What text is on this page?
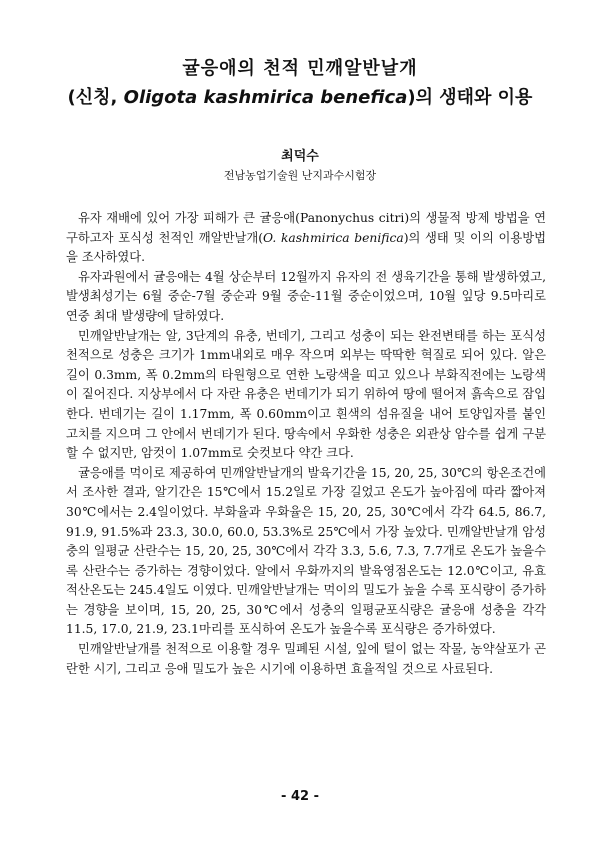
귤응애의 천적 민깨알반날개
(신칭, Oligota kashmirica benefica)의 생태와 이용
최덕수
전남농업기술원 난지과수시험장

유자 재배에 있어 가장 피해가 큰 귤응애(Panonychus citri)의 생물적 방제 방법을 연구하고자 포식성 천적인 깨알반날개(O. kashmirica benifica)의 생태 및 이의 이용방법을 조사하였다.

유자과원에서 귤응애는 4월 상순부터 12월까지 유자의 전 생육기간을 통해 발생하였고, 발생최성기는 6월 중순-7월 중순과 9월 중순-11월 중순이었으며, 10월 잎당 9.5마리로 연중 최대 발생량에 달하였다.

민깨알반날개는 알, 3단계의 유충, 번데기, 그리고 성충이 되는 완전변태를 하는 포식성 천적으로 성충은 크기가 1mm내외로 매우 작으며 외부는 딱딱한 혁질로 되어 있다. 알은 길이 0.3mm, 폭 0.2mm의 타원형으로 연한 노랑색을 띠고 있으나 부화직전에는 노랑색이 짙어진다. 지상부에서 다 자란 유충은 번데기가 되기 위하여 땅에 떨어져 흙속으로 잠입한다. 번데기는 길이 1.17mm, 폭 0.60mm이고 흰색의 섬유질을 내어 토양입자를 붙인 고치를 지으며 그 안에서 번데기가 된다. 땅속에서 우화한 성충은 외관상 암수를 쉽게 구분할 수 없지만, 암컷이 1.07mm로 숫컷보다 약간 크다.

귤응애를 먹이로 제공하여 민깨알반날개의 발육기간을 15, 20, 25, 30℃의 항온조건에서 조사한 결과, 알기간은 15℃에서 15.2일로 가장 길었고 온도가 높아짐에 따라 짧아져 30℃에서는 2.4일이었다. 부화율과 우화율은 15, 20, 25, 30℃에서 각각 64.5, 86.7, 91.9, 91.5%과 23.3, 30.0, 60.0, 53.3%로 25℃에서 가장 높았다. 민깨알반날개 암성충의 일평균 산란수는 15, 20, 25, 30℃에서 각각 3.3, 5.6, 7.3, 7.7개로 온도가 높을수록 산란수는 증가하는 경향이었다. 알에서 우화까지의 발육영점온도는 12.0℃이고, 유효적산온도는 245.4일도 이였다. 민깨알반날개는 먹이의 밀도가 높을 수록 포식량이 증가하는 경향을 보이며, 15, 20, 25, 30℃에서 성충의 일평균포식량은 귤응애 성충을 각각 11.5, 17.0, 21.9, 23.1마리를 포식하여 온도가 높을수록 포식량은 증가하였다.

민깨알반날개를 천적으로 이용할 경우 밀폐된 시설, 잎에 털이 없는 작물, 농약살포가 곤란한 시기, 그리고 응애 밀도가 높은 시기에 이용하면 효율적일 것으로 사료된다.

- 42 -
